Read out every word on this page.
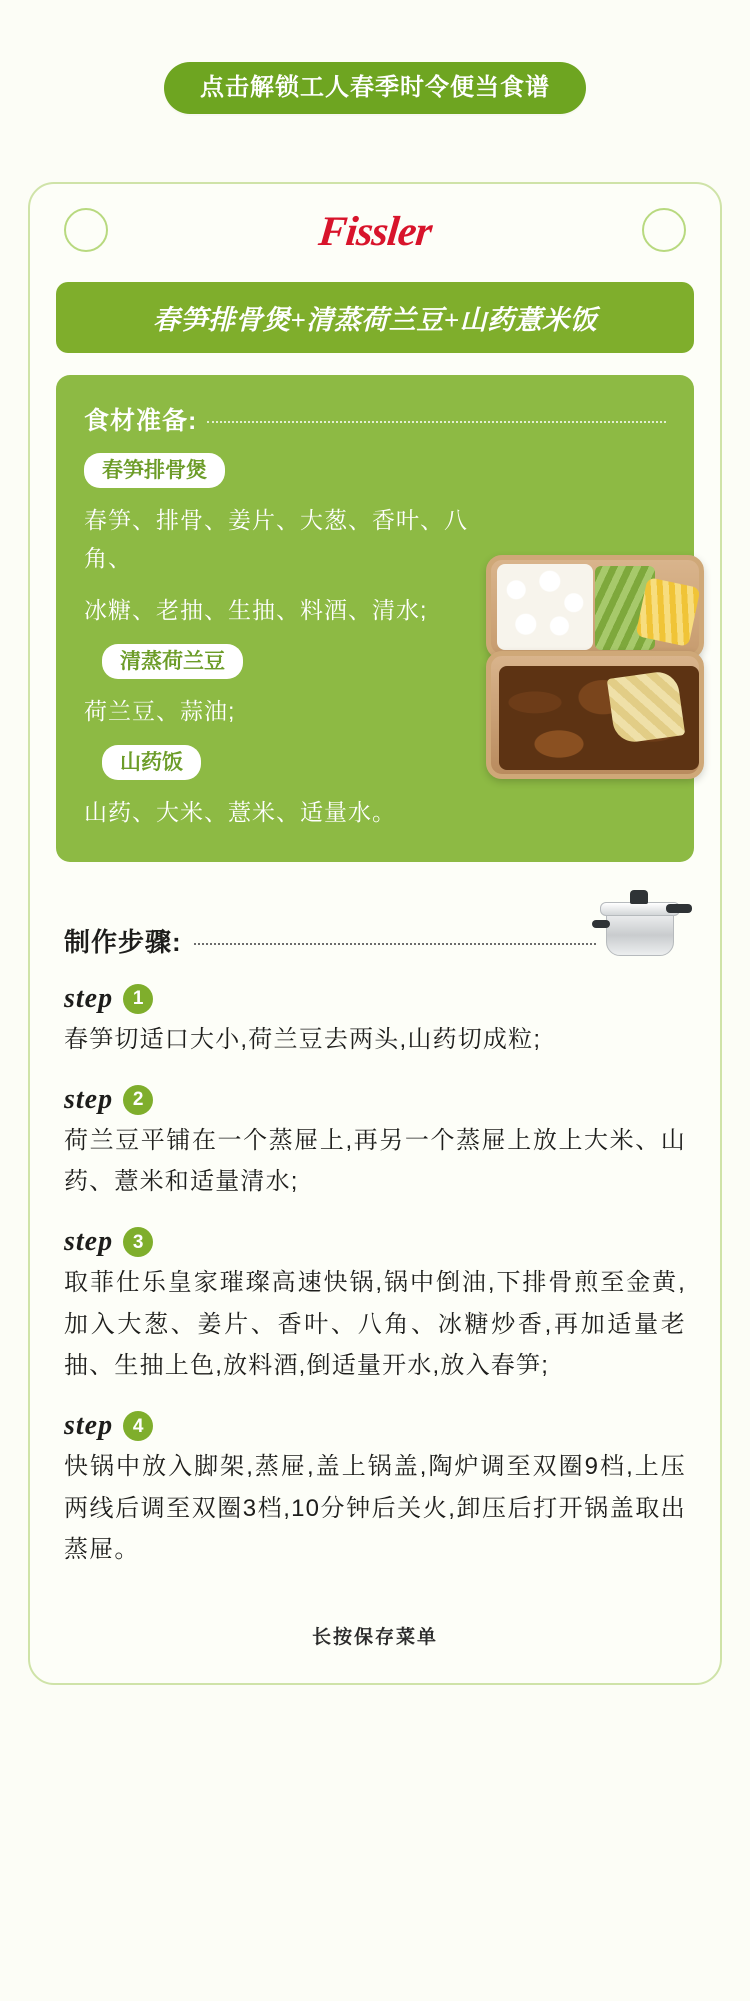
点击解锁工人春季时令便当食谱
Fissler
春笋排骨煲+清蒸荷兰豆+山药薏米饭
食材准备:
春笋排骨煲

春笋、排骨、姜片、大葱、香叶、八角、

冰糖、老抽、生抽、料酒、清水;

清蒸荷兰豆

荷兰豆、蒜油;

山药饭

山药、大米、薏米、适量水。

制作步骤:
step	1

春笋切适口大小,荷兰豆去两头,山药切成粒;

step	2

荷兰豆平铺在一个蒸屉上,再另一个蒸屉上放上大米、山药、薏米和适量清水;

step	3

取菲仕乐皇家璀璨高速快锅,锅中倒油,下排骨煎至金黄,加入大葱、姜片、香叶、八角、冰糖炒香,再加适量老抽、生抽上色,放料酒,倒适量开水,放入春笋;

step	4

快锅中放入脚架,蒸屉,盖上锅盖,陶炉调至双圈9档,上压两线后调至双圈3档,10分钟后关火,卸压后打开锅盖取出蒸屉。

长按保存菜单
